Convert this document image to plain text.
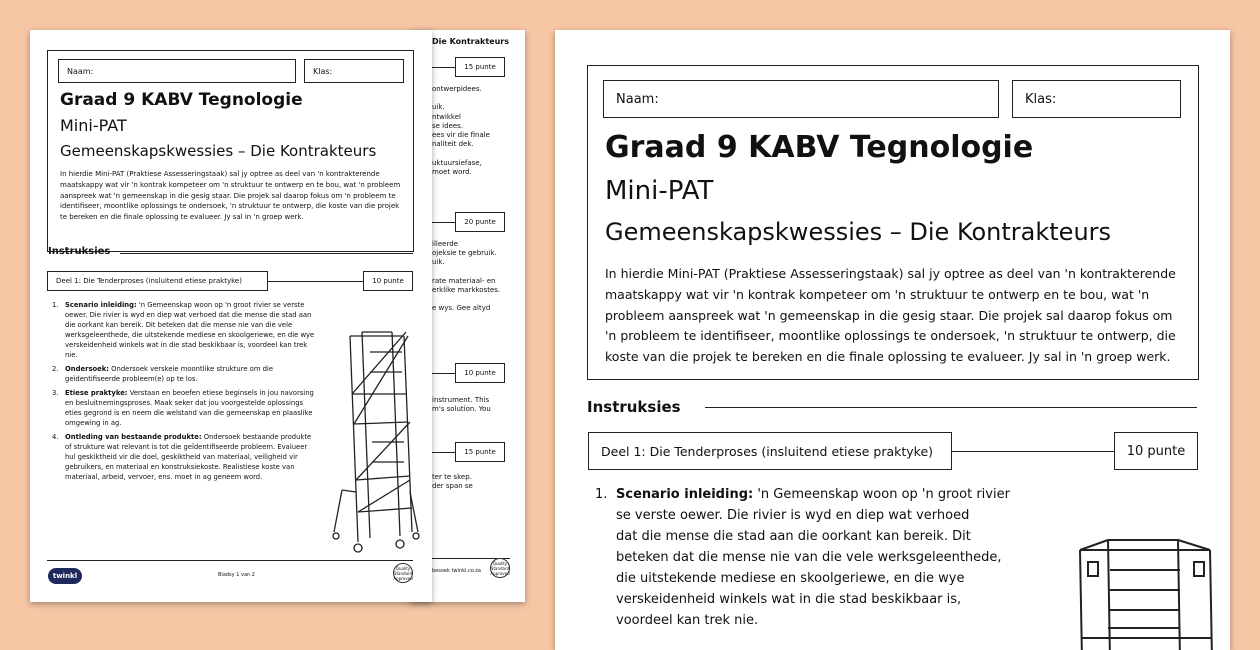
Die Kontrakteurs
15 punte
ontwerpidees.

uik.
ntwikkel
se idees.
ees vir die finale
naliteit dek.

uktuursiefase,
moet word.
20 punte
illeerde
ojeksie te gebruik.
uik.

rate materiaal- en
erklike markkostes.

e wys. Gee altyd
10 punte
instrument. This
m's solution. You
15 punte
ter te skep.
der span se
besoek twinkl.co.za
Quality Standard Approved
Naam:	Klas:
Graad 9 KABV Tegnologie
Mini-PAT
Gemeenskapskwessies – Die Kontrakteurs
In hierdie Mini-PAT (Praktiese Assesseringstaak) sal jy optree as deel van 'n kontrakterende maatskappy wat vir 'n kontrak kompeteer om 'n struktuur te ontwerp en te bou, wat 'n probleem aanspreek wat 'n gemeenskap in die gesig staar. Die projek sal daarop fokus om 'n probleem te identifiseer, moontlike oplossings te ondersoek, 'n struktuur te ontwerp, die koste van die projek te bereken en die finale oplossing te evalueer. Jy sal in 'n groep werk.
Instruksies
Deel 1: Die Tenderproses (insluitend etiese praktyke)	10 punte
1. Scenario inleiding: 'n Gemeenskap woon op 'n groot rivier se verste oewer. Die rivier is wyd en diep wat verhoed dat die mense die stad aan die oorkant kan bereik. Dit beteken dat die mense nie van die vele werksgeleenthede, die uitstekende mediese en skoolgeriewe, en die wye verskeidenheid winkels wat in die stad beskikbaar is, voordeel kan trek nie.
2. Ondersoek: Ondersoek verskeie moontlike strukture om die geïdentifiseerde probleem(e) op te los.
3. Etiese praktyke: Verstaan en beoefen etiese beginsels in jou navorsing en besluitnemingsproses. Maak seker dat jou voorgestelde oplossings eties gegrond is en neem die welstand van die gemeenskap en plaaslike omgewing in ag.
4. Ontleding van bestaande produkte: Ondersoek bestaande produkte of strukture wat relevant is tot die geïdentifiseerde probleem. Evalueer hul geskiktheid vir die doel, geskiktheid van materiaal, veiligheid vir gebruikers, en materiaal en konstruksiekoste. Realistiese koste van materiaal, arbeid, vervoer, ens. moet in ag geneem word.
twinkl	Bladsy 1 van 2
Quality Standard Approved
Naam:	Klas:
Graad 9 KABV Tegnologie
Mini-PAT
Gemeenskapskwessies – Die Kontrakteurs
In hierdie Mini-PAT (Praktiese Assesseringstaak) sal jy optree as deel van 'n kontrakterende
maatskappy wat vir 'n kontrak kompeteer om 'n struktuur te ontwerp en te bou, wat 'n
probleem aanspreek wat 'n gemeenskap in die gesig staar. Die projek sal daarop fokus om
'n probleem te identifiseer, moontlike oplossings te ondersoek, 'n struktuur te ontwerp, die
koste van die projek te bereken en die finale oplossing te evalueer. Jy sal in 'n groep werk.
Instruksies
Deel 1: Die Tenderproses (insluitend etiese praktyke)	10 punte
1. Scenario inleiding: 'n Gemeenskap woon op 'n groot rivier
se verste oewer. Die rivier is wyd en diep wat verhoed
dat die mense die stad aan die oorkant kan bereik. Dit
beteken dat die mense nie van die vele werksgeleenthede,
die uitstekende mediese en skoolgeriewe, en die wye
verskeidenheid winkels wat in die stad beskikbaar is,
voordeel kan trek nie.
